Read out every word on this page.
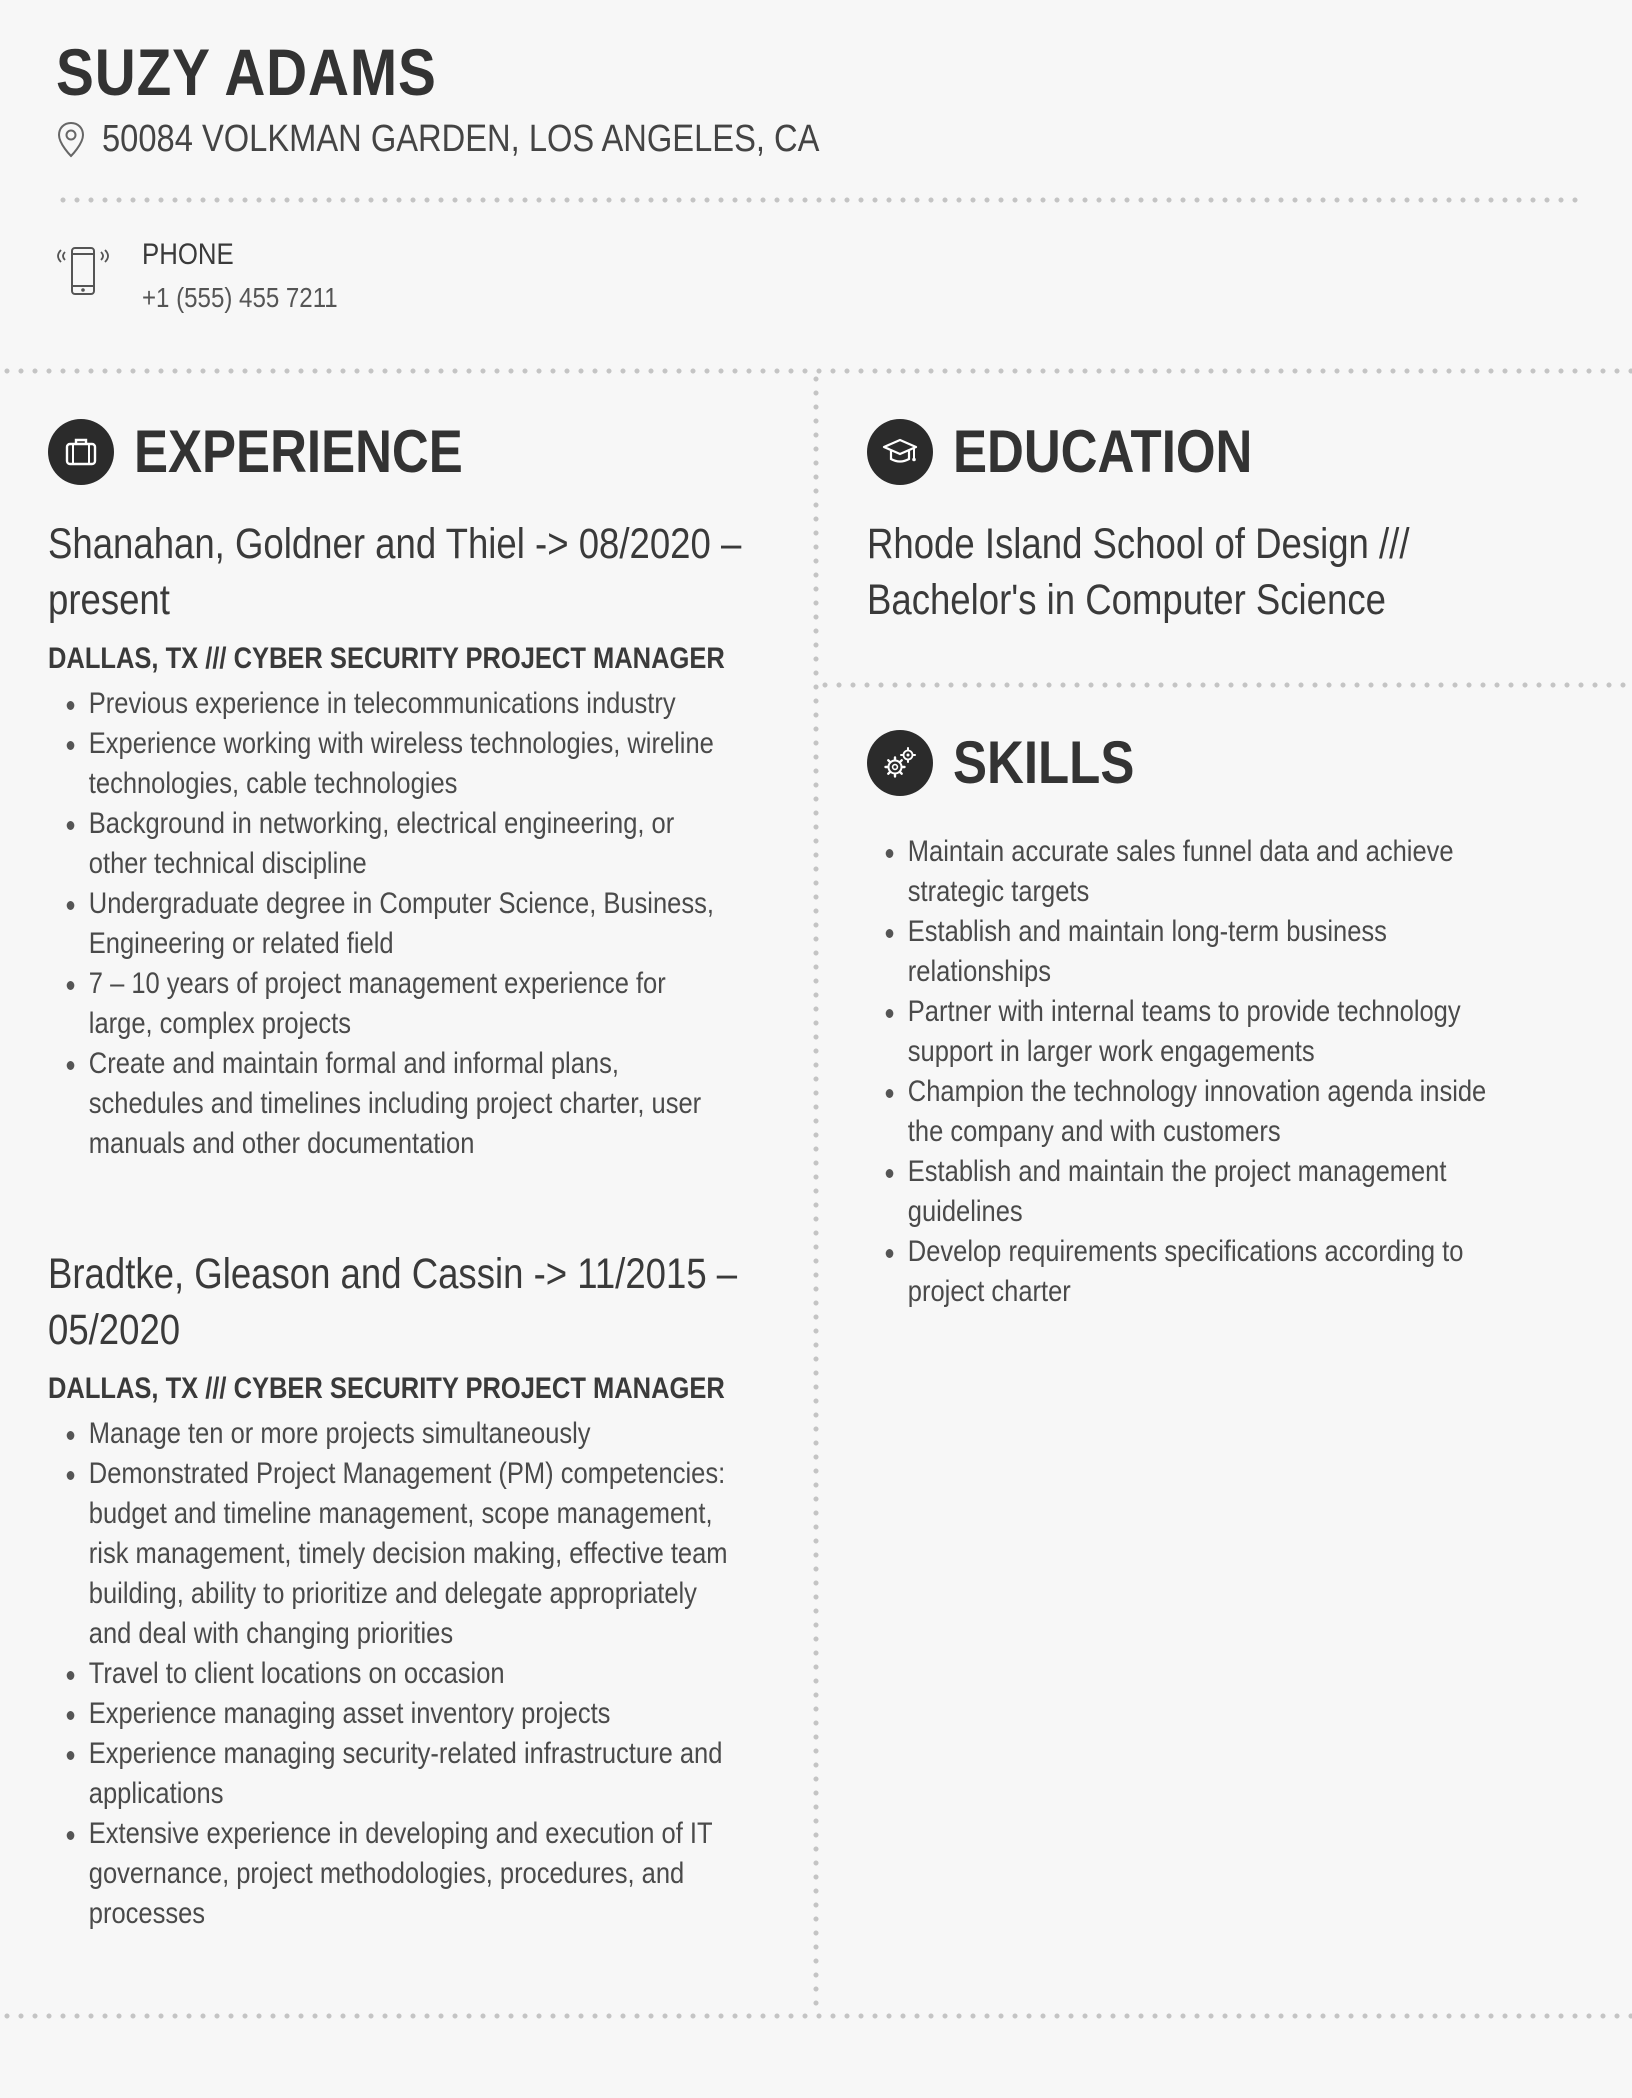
SUZY ADAMS
50084 VOLKMAN GARDEN, LOS ANGELES, CA
PHONE
+1 (555) 455 7211
EXPERIENCE
Shanahan, Goldner and Thiel -> 08/2020 – present
DALLAS, TX /// CYBER SECURITY PROJECT MANAGER
Previous experience in telecommunications industry
Experience working with wireless technologies, wireline technologies, cable technologies
Background in networking, electrical engineering, or other technical discipline
Undergraduate degree in Computer Science, Business, Engineering or related field
7 – 10 years of project management experience for large, complex projects
Create and maintain formal and informal plans, schedules and timelines including project charter, user manuals and other documentation
Bradtke, Gleason and Cassin -> 11/2015 – 05/2020
DALLAS, TX /// CYBER SECURITY PROJECT MANAGER
Manage ten or more projects simultaneously
Demonstrated Project Management (PM) competencies: budget and timeline management, scope management, risk management, timely decision making, effective team building, ability to prioritize and delegate appropriately and deal with changing priorities
Travel to client locations on occasion
Experience managing asset inventory projects
Experience managing security-related infrastructure and applications
Extensive experience in developing and execution of IT governance, project methodologies, procedures, and processes
EDUCATION
Rhode Island School of Design /// Bachelor's in Computer Science
SKILLS
Maintain accurate sales funnel data and achieve strategic targets
Establish and maintain long-term business relationships
Partner with internal teams to provide technology support in larger work engagements
Champion the technology innovation agenda inside the company and with customers
Establish and maintain the project management guidelines
Develop requirements specifications according to project charter
